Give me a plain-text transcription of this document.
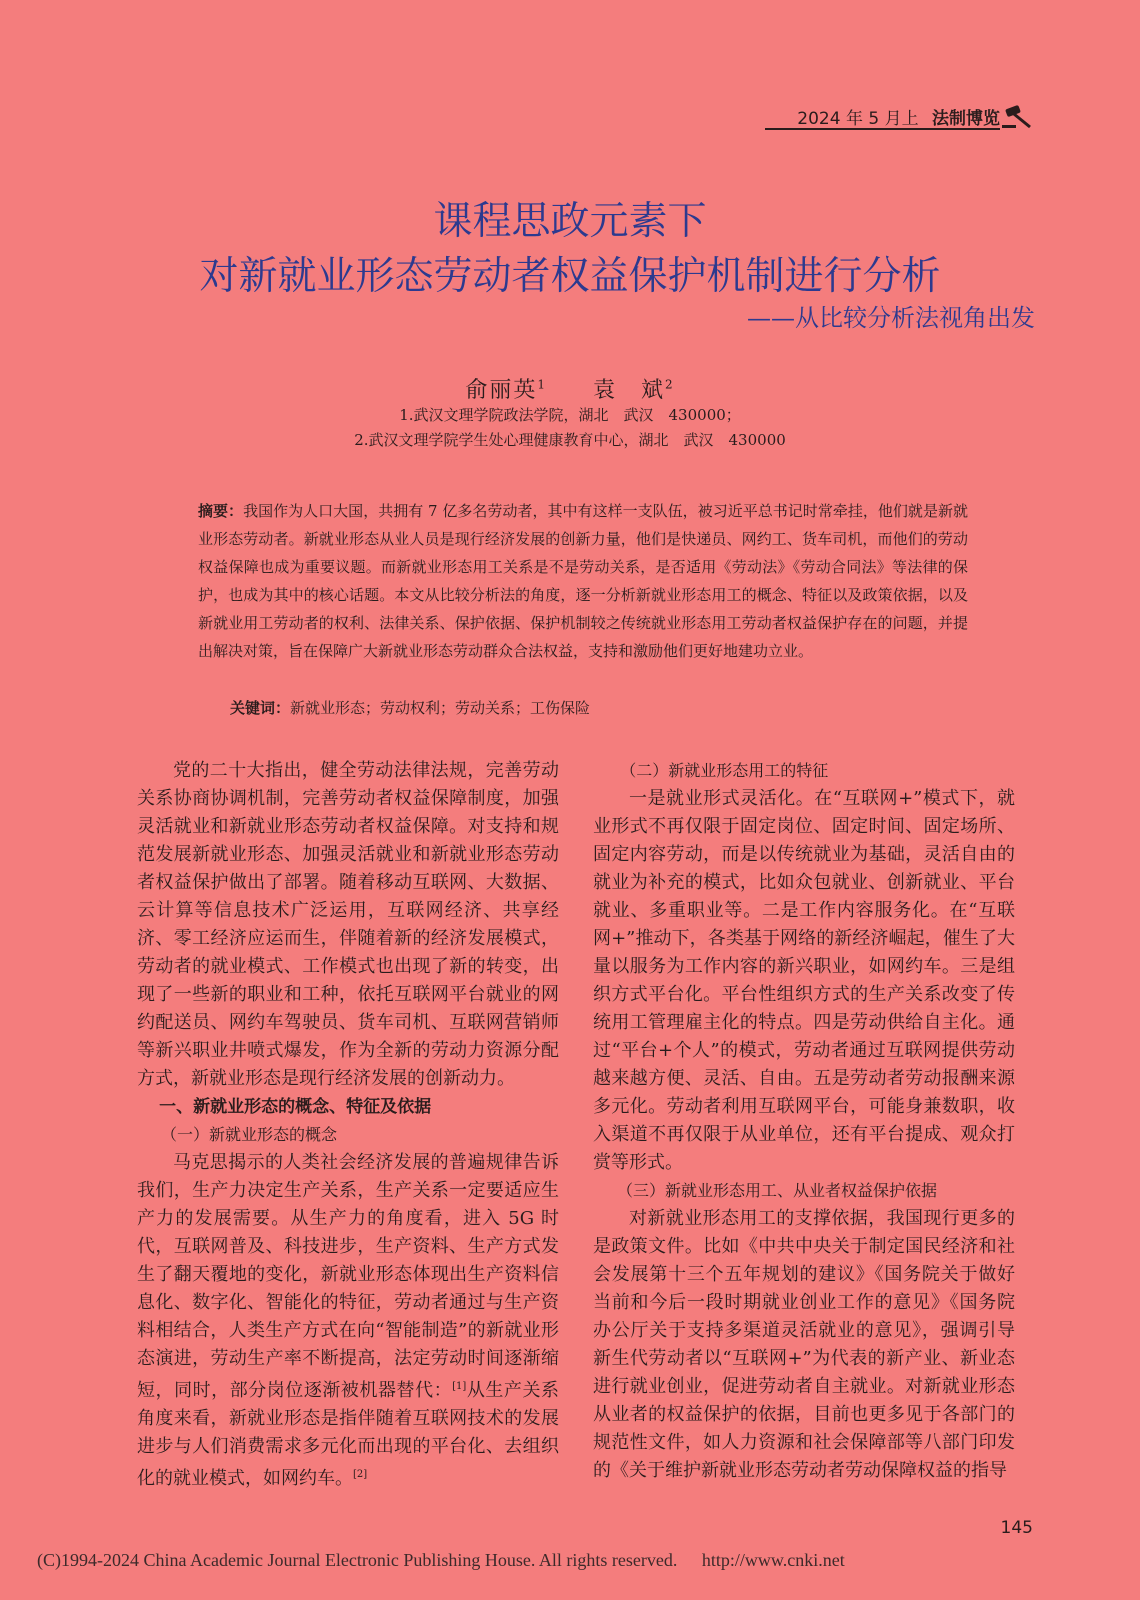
2024 年 5 月上 法制博览
课程思政元素下
对新就业形态劳动者权益保护机制进行分析
——从比较分析法视角出发
俞丽英$^1$ 袁　斌$^2$
1.武汉文理学院政法学院，湖北　武汉　430000；
2.武汉文理学院学生处心理健康教育中心，湖北　武汉　430000
摘要：我国作为人口大国，共拥有 7 亿多名劳动者，其中有这样一支队伍，被习近平总书记时常牵挂，他们就是新就业形态劳动者。新就业形态从业人员是现行经济发展的创新力量，他们是快递员、网约工、货车司机，而他们的劳动权益保障也成为重要议题。而新就业形态用工关系是不是劳动关系，是否适用《劳动法》《劳动合同法》等法律的保护，也成为其中的核心话题。本文从比较分析法的角度，逐一分析新就业形态用工的概念、特征以及政策依据，以及新就业用工劳动者的权利、法律关系、保护依据、保护机制较之传统就业形态用工劳动者权益保护存在的问题，并提出解决对策，旨在保障广大新就业形态劳动群众合法权益，支持和激励他们更好地建功立业。
关键词：新就业形态；劳动权利；劳动关系；工伤保险

党的二十大指出，健全劳动法律法规，完善劳动关系协商协调机制，完善劳动者权益保障制度，加强灵活就业和新就业形态劳动者权益保障。对支持和规范发展新就业形态、加强灵活就业和新就业形态劳动者权益保护做出了部署。随着移动互联网、大数据、云计算等信息技术广泛运用，互联网经济、共享经济、零工经济应运而生，伴随着新的经济发展模式，劳动者的就业模式、工作模式也出现了新的转变，出现了一些新的职业和工种，依托互联网平台就业的网约配送员、网约车驾驶员、货车司机、互联网营销师等新兴职业井喷式爆发，作为全新的劳动力资源分配方式，新就业形态是现行经济发展的创新动力。

一、新就业形态的概念、特征及依据

（一）新就业形态的概念

马克思揭示的人类社会经济发展的普遍规律告诉我们，生产力决定生产关系，生产关系一定要适应生产力的发展需要。从生产力的角度看，进入 5G 时代，互联网普及、科技进步，生产资料、生产方式发生了翻天覆地的变化，新就业形态体现出生产资料信息化、数字化、智能化的特征，劳动者通过与生产资料相结合，人类生产方式在向“智能制造”的新就业形态演进，劳动生产率不断提高，法定劳动时间逐渐缩短，同时，部分岗位逐渐被机器替代：[1]从生产关系角度来看，新就业形态是指伴随着互联网技术的发展进步与人们消费需求多元化而出现的平台化、去组织化的就业模式，如网约车。[2]

（二）新就业形态用工的特征

一是就业形式灵活化。在“互联网+”模式下，就业形式不再仅限于固定岗位、固定时间、固定场所、固定内容劳动，而是以传统就业为基础，灵活自由的就业为补充的模式，比如众包就业、创新就业、平台就业、多重职业等。二是工作内容服务化。在“互联网+”推动下，各类基于网络的新经济崛起，催生了大量以服务为工作内容的新兴职业，如网约车。三是组织方式平台化。平台性组织方式的生产关系改变了传统用工管理雇主化的特点。四是劳动供给自主化。通过“平台+个人”的模式，劳动者通过互联网提供劳动越来越方便、灵活、自由。五是劳动者劳动报酬来源多元化。劳动者利用互联网平台，可能身兼数职，收入渠道不再仅限于从业单位，还有平台提成、观众打赏等形式。

（三）新就业形态用工、从业者权益保护依据

对新就业形态用工的支撑依据，我国现行更多的是政策文件。比如《中共中央关于制定国民经济和社会发展第十三个五年规划的建议》《国务院关于做好当前和今后一段时期就业创业工作的意见》《国务院办公厅关于支持多渠道灵活就业的意见》，强调引导新生代劳动者以“互联网+”为代表的新产业、新业态进行就业创业，促进劳动者自主就业。对新就业形态从业者的权益保护的依据，目前也更多见于各部门的规范性文件，如人力资源和社会保障部等八部门印发的《关于维护新就业形态劳动者劳动保障权益的指导

145
(C)1994-2024 China Academic Journal Electronic Publishing House. All rights reserved. http://www.cnki.net
